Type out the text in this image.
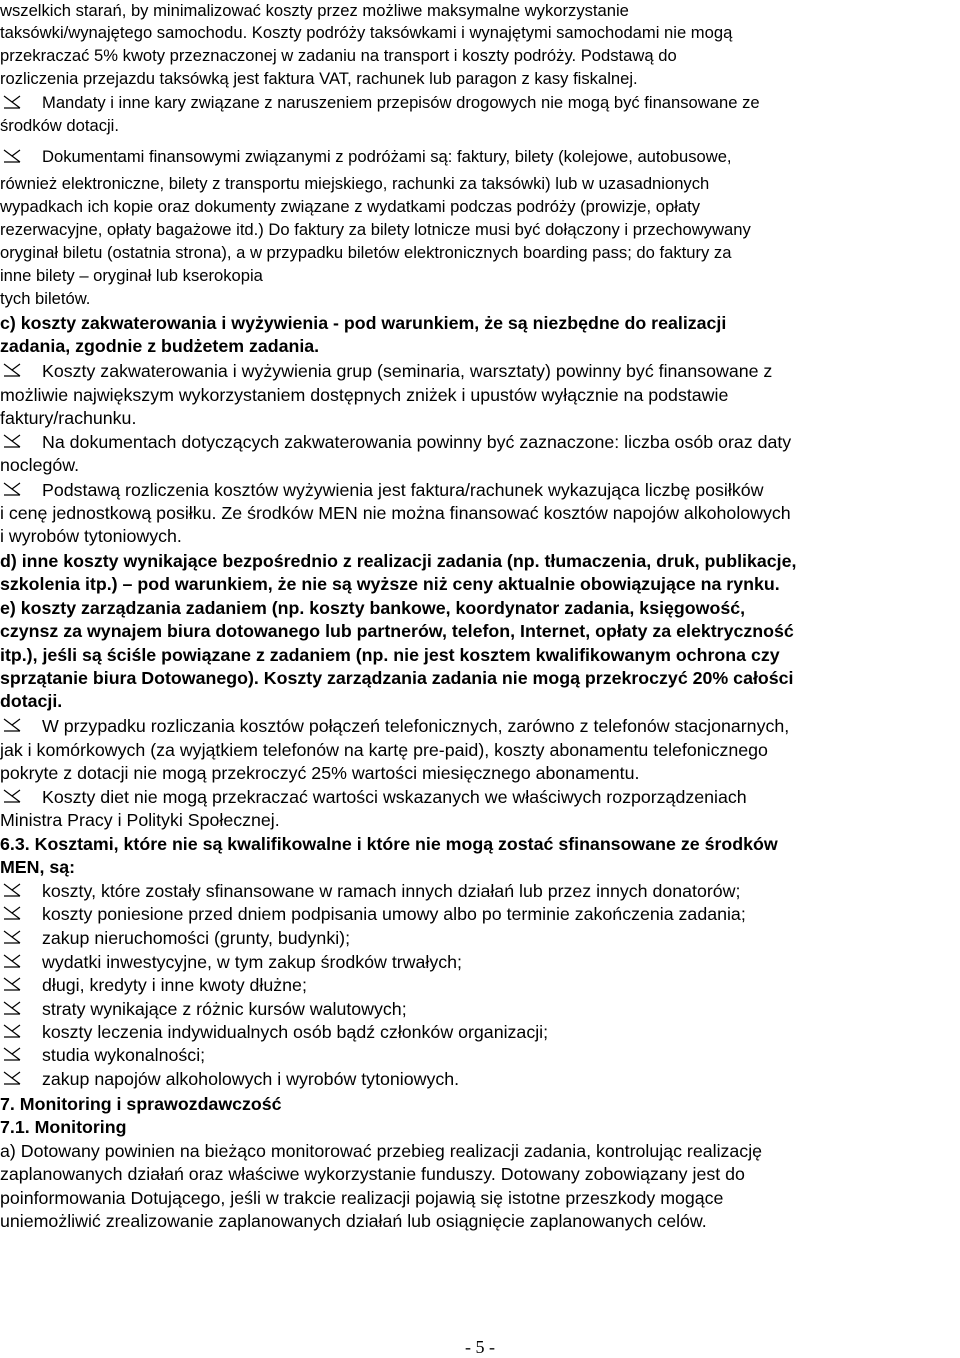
wszelkich starań, by minimalizować koszty przez możliwe maksymalne wykorzystanie

taksówki/wynajętego samochodu. Koszty podróży taksówkami i wynajętymi samochodami nie mogą

przekraczać 5% kwoty przeznaczonej w zadaniu na transport i koszty podróży. Podstawą do

rozliczenia przejazdu taksówką jest faktura VAT, rachunek lub paragon z kasy fiskalnej.

Mandaty i inne kary związane z naruszeniem przepisów drogowych nie mogą być finansowane ze

środków dotacji.

Dokumentami finansowymi związanymi z podróżami są: faktury, bilety (kolejowe, autobusowe,

również elektroniczne, bilety z transportu miejskiego, rachunki za taksówki) lub w uzasadnionych

wypadkach ich kopie oraz dokumenty związane z wydatkami podczas podróży (prowizje, opłaty

rezerwacyjne, opłaty bagażowe itd.) Do faktury za bilety lotnicze musi być dołączony i przechowywany

oryginał biletu (ostatnia strona), a w przypadku biletów elektronicznych boarding pass; do faktury za

inne bilety – oryginał lub kserokopia

tych biletów.

c) koszty zakwaterowania i wyżywienia - pod warunkiem, że są niezbędne do realizacji

zadania, zgodnie z budżetem zadania.

Koszty zakwaterowania i wyżywienia grup (seminaria, warsztaty) powinny być finansowane z

możliwie największym wykorzystaniem dostępnych zniżek i upustów wyłącznie na podstawie

faktury/rachunku.

Na dokumentach dotyczących zakwaterowania powinny być zaznaczone: liczba osób oraz daty

noclegów.

Podstawą rozliczenia kosztów wyżywienia jest faktura/rachunek wykazująca liczbę posiłków

i cenę jednostkową posiłku. Ze środków MEN nie można finansować kosztów napojów alkoholowych

i wyrobów tytoniowych.

d) inne koszty wynikające bezpośrednio z realizacji zadania (np. tłumaczenia, druk, publikacje,

szkolenia itp.) – pod warunkiem, że nie są wyższe niż ceny aktualnie obowiązujące na rynku.

e) koszty zarządzania zadaniem (np. koszty bankowe, koordynator zadania, księgowość,

czynsz za wynajem biura dotowanego lub partnerów, telefon, Internet, opłaty za elektryczność

itp.), jeśli są ściśle powiązane z zadaniem (np. nie jest kosztem kwalifikowanym ochrona czy

sprzątanie biura Dotowanego). Koszty zarządzania zadania nie mogą przekroczyć 20% całości

dotacji.

W przypadku rozliczania kosztów połączeń telefonicznych, zarówno z telefonów stacjonarnych,

jak i komórkowych (za wyjątkiem telefonów na kartę pre-paid), koszty abonamentu telefonicznego

pokryte z dotacji nie mogą przekroczyć 25% wartości miesięcznego abonamentu.

Koszty diet nie mogą przekraczać wartości wskazanych we właściwych rozporządzeniach

Ministra Pracy i Polityki Społecznej.

6.3. Kosztami, które nie są kwalifikowalne i które nie mogą zostać sfinansowane ze środków

MEN, są:

koszty, które zostały sfinansowane w ramach innych działań lub przez innych donatorów;

koszty poniesione przed dniem podpisania umowy albo po terminie zakończenia zadania;

zakup nieruchomości (grunty, budynki);

wydatki inwestycyjne, w tym zakup środków trwałych;

długi, kredyty i inne kwoty dłużne;

straty wynikające z różnic kursów walutowych;

koszty leczenia indywidualnych osób bądź członków organizacji;

studia wykonalności;

zakup napojów alkoholowych i wyrobów tytoniowych.

7. Monitoring i sprawozdawczość

7.1. Monitoring

a) Dotowany powinien na bieżąco monitorować przebieg realizacji zadania, kontrolując realizację

zaplanowanych działań oraz właściwe wykorzystanie funduszy. Dotowany zobowiązany jest do

poinformowania Dotującego, jeśli w trakcie realizacji pojawią się istotne przeszkody mogące

uniemożliwić zrealizowanie zaplanowanych działań lub osiągnięcie zaplanowanych celów.

- 5 -
